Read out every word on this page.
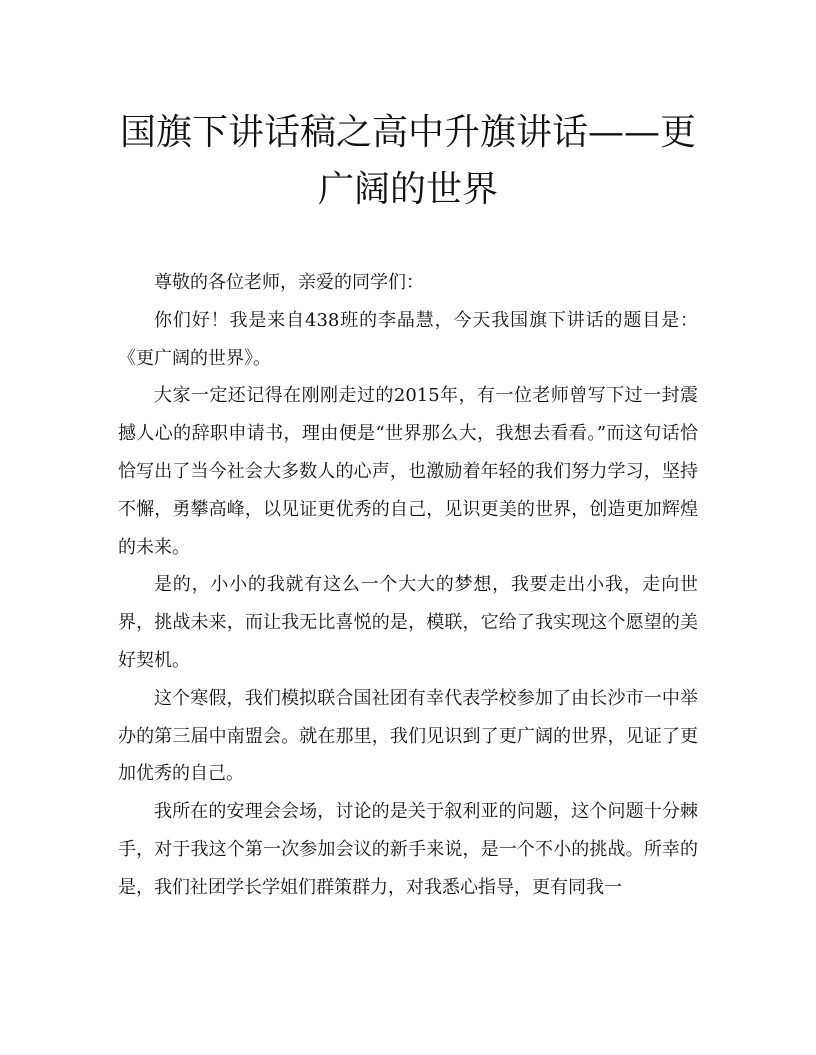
国旗下讲话稿之高中升旗讲话——更广阔的世界

尊敬的各位老师，亲爱的同学们：

你们好！我是来自438班的李晶慧，今天我国旗下讲话的题目是：《更广阔的世界》。

大家一定还记得在刚刚走过的2015年，有一位老师曾写下过一封震撼人心的辞职申请书，理由便是“世界那么大，我想去看看。”而这句话恰恰写出了当今社会大多数人的心声，也激励着年轻的我们努力学习，坚持不懈，勇攀高峰，以见证更优秀的自己，见识更美的世界，创造更加辉煌的未来。

是的，小小的我就有这么一个大大的梦想，我要走出小我，走向世界，挑战未来，而让我无比喜悦的是，模联，它给了我实现这个愿望的美好契机。

这个寒假，我们模拟联合国社团有幸代表学校参加了由长沙市一中举办的第三届中南盟会。就在那里，我们见识到了更广阔的世界，见证了更加优秀的自己。

我所在的安理会会场，讨论的是关于叙利亚的问题，这个问题十分棘手，对于我这个第一次参加会议的新手来说，是一个不小的挑战。所幸的是，我们社团学长学姐们群策群力，对我悉心指导，更有同我一
